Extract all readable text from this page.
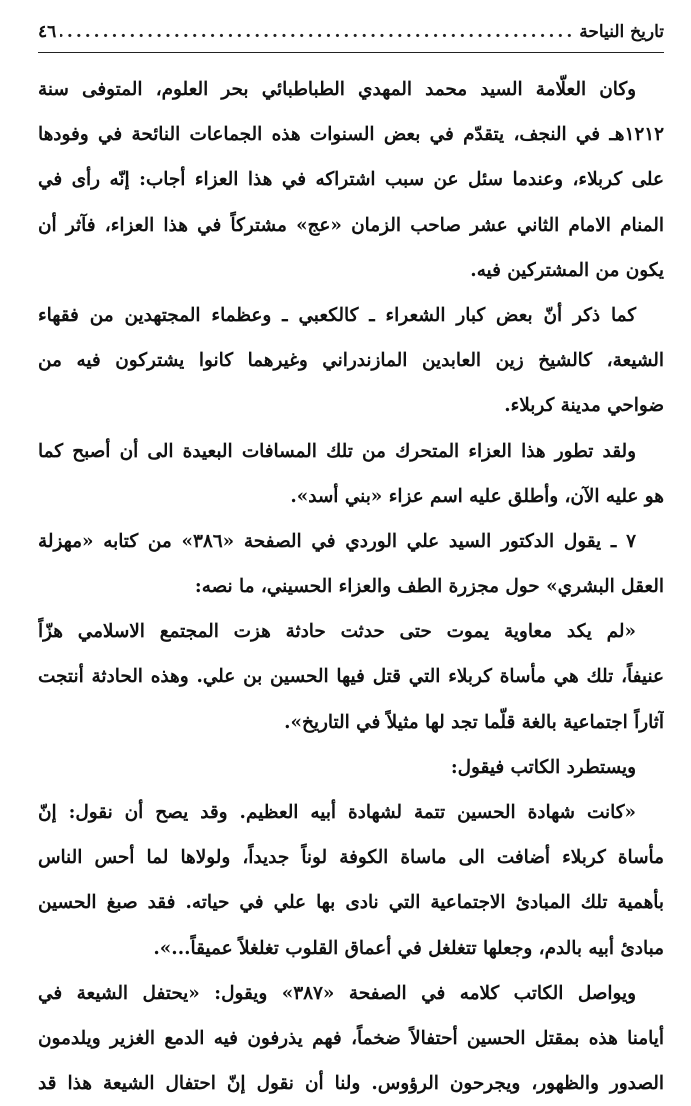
تاريخ النياحة
.....
٤٦
وكان العلّامة السيد محمد المهدي الطباطبائي بحر العلوم، المتوفى سنة
١٢١٢هـ في النجف، يتقدّم في بعض السنوات هذه الجماعات النائحة في وفودها
على كربلاء، وعندما سئل عن سبب اشتراكه في هذا العزاء أجاب: إنّه رأى في
المنام الامام الثاني عشر صاحب الزمان «عج» مشتركاً في هذا العزاء، فآثر أن
يكون من المشتركين فيه.
كما ذكر أنّ بعض كبار الشعراء ـ كالكعبي ـ وعظماء المجتهدين من فقهاء
الشيعة، كالشيخ زين العابدين المازندراني وغيرهما كانوا يشتركون فيه من
ضواحي مدينة كربلاء.
ولقد تطور هذا العزاء المتحرك من تلك المسافات البعيدة الى أن أصبح كما
هو عليه الآن، وأطلق عليه اسم عزاء «بني أسد».
٧ ـ يقول الدكتور السيد علي الوردي في الصفحة «٣٨٦» من كتابه «مهزلة
العقل البشري» حول مجزرة الطف والعزاء الحسيني، ما نصه:
«لم يكد معاوية يموت حتى حدثت حادثة هزت المجتمع الاسلامي هزّاً
عنيفاً، تلك هي مأساة كربلاء التي قتل فيها الحسين بن علي. وهذه الحادثة أنتجت
آثاراً اجتماعية بالغة قلّما تجد لها مثيلاً في التاريخ».
ويستطرد الكاتب فيقول:
«كانت شهادة الحسين تتمة لشهادة أبيه العظيم. وقد يصح أن نقول: إنّ
مأساة كربلاء أضافت الى ماساة الكوفة لوناً جديداً، ولولاها لما أحس الناس
بأهمية تلك المبادئ الاجتماعية التي نادى بها علي في حياته. فقد صبغ الحسين
مبادئ أبيه بالدم، وجعلها تتغلغل في أعماق القلوب تغلغلاً عميقاً...».
ويواصل الكاتب كلامه في الصفحة «٣٨٧» ويقول: «يحتفل الشيعة في
أيامنا هذه بمقتل الحسين أحتفالاً ضخماً، فهم يذرفون فيه الدمع الغزير ويلدمون
الصدور والظهور، ويجرحون الرؤوس. ولنا أن نقول إنّ احتفال الشيعة هذا قد
